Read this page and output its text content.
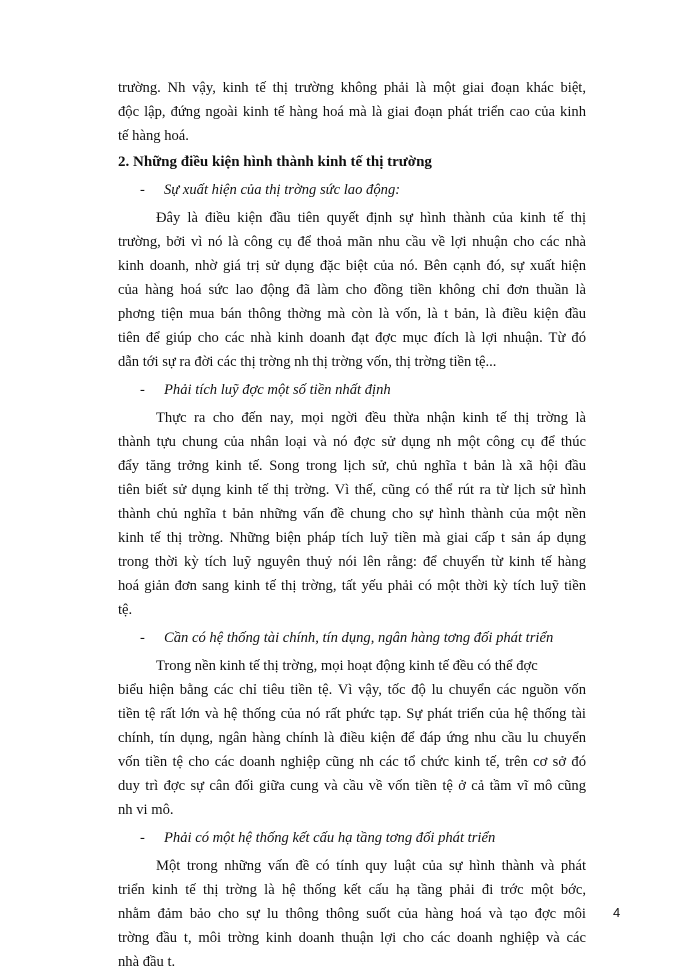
trường. Nh vậy, kinh tế thị trường không phải là một giai đoạn khác biệt,
độc lập, đứng ngoài kinh tế hàng hoá mà là giai đoạn phát triển cao của kinh
tế hàng hoá.
2. Những điều kiện hình thành kinh tế thị trường
- Sự xuất hiện của thị trờng sức lao động:
Đây là điều kiện đầu tiên quyết định sự hình thành của kinh tế thị
trường, bởi vì nó là công cụ để thoả mãn nhu cầu về lợi nhuận cho các nhà
kinh doanh, nhờ giá trị sử dụng đặc biệt của nó. Bên cạnh đó, sự xuất hiện
của hàng hoá sức lao động đã làm cho đồng tiền không chỉ đơn thuần là
phơng tiện mua bán thông thờng mà còn là vốn, là t bản, là điều kiện đầu
tiên để giúp cho các nhà kinh doanh đạt đợc mục đích là lợi nhuận. Từ đó
dẫn tới sự ra đời các thị trờng nh thị trờng vốn, thị trờng tiền tệ...
- Phải tích luỹ đợc một số tiền nhất định
Thực ra cho đến nay, mọi ngời đều thừa nhận kinh tế thị trờng là
thành tựu chung của nhân loại và nó đợc sử dụng nh một công cụ để thúc
đẩy tăng trởng kinh tế. Song trong lịch sử, chủ nghĩa t bản là xã hội đầu
tiên biết sử dụng kinh tế thị trờng. Vì thế, cũng có thể rút ra từ lịch sử hình
thành chủ nghĩa t bản những vấn đề chung cho sự hình thành của một nền
kinh tế thị trờng. Những biện pháp tích luỹ tiền mà giai cấp t sản áp dụng
trong thời kỳ tích luỹ nguyên thuỷ nói lên rằng: để chuyển từ kinh tế hàng
hoá giản đơn sang kinh tế thị trờng, tất yếu phải có một thời kỳ tích luỹ tiền
tệ.
- Cần có hệ thống tài chính, tín dụng, ngân hàng tơng đối phát triển
Trong nền kinh tế thị trờng, mọi hoạt động kinh tế đều có thể đợc
biểu hiện bằng các chỉ tiêu tiền tệ. Vì vậy, tốc độ lu chuyển các nguồn vốn
tiền tệ rất lớn và hệ thống của nó rất phức tạp. Sự phát triển của hệ thống tài
chính, tín dụng, ngân hàng chính là điều kiện để đáp ứng nhu cầu lu chuyển
vốn tiền tệ cho các doanh nghiệp cũng nh các tổ chức kinh tế, trên cơ sở đó
duy trì đợc sự cân đối giữa cung và cầu về vốn tiền tệ ở cả tầm vĩ mô cũng
nh vi mô.
- Phải có một hệ thống kết cấu hạ tầng tơng đối phát triển
Một trong những vấn đề có tính quy luật của sự hình thành và phát
triển kinh tế thị trờng là hệ thống kết cấu hạ tầng phải đi trớc một bớc,
nhằm đảm bảo cho sự lu thông thông suốt của hàng hoá và tạo đợc môi
trờng đầu t, môi trờng kinh doanh thuận lợi cho các doanh nghiệp và các
nhà đầu t.
4
